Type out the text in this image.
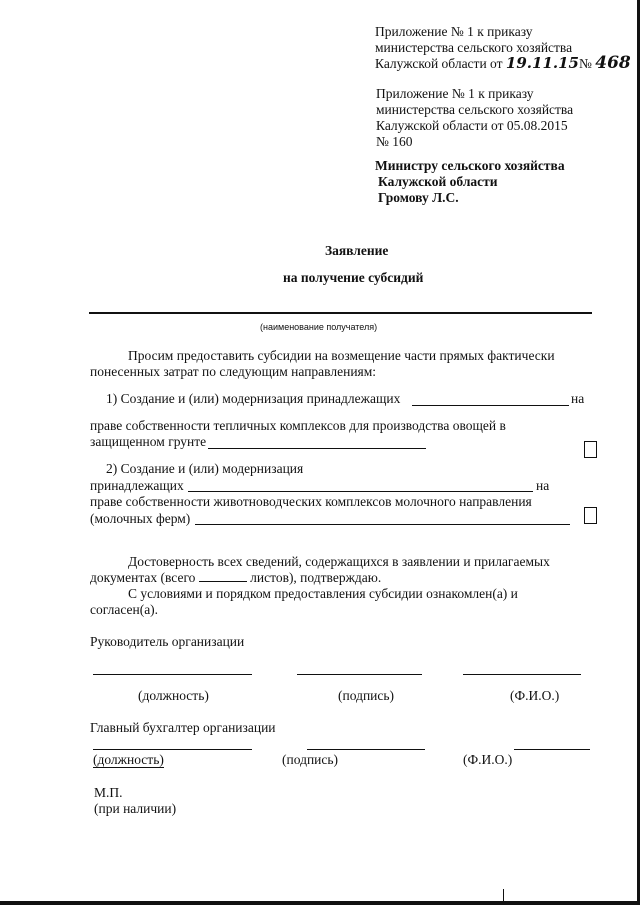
Приложение № 1 к приказу
министерства сельского хозяйства
Калужской области от 19.11.15№ 468
Приложение № 1 к приказу
министерства сельского хозяйства
Калужской области от 05.08.2015
№ 160
Министру сельского хозяйства
Калужской области
Громову Л.С.
Заявление
на получение субсидий
(наименование получателя)
Просим предоставить субсидии на возмещение части прямых фактически
понесенных затрат по следующим направлениям:
1) Создание и (или) модернизация принадлежащих	на
праве собственности тепличных комплексов для производства овощей в
защищенном грунте
2) Создание и (или) модернизация
принадлежащих	на
праве собственности животноводческих комплексов молочного направления
(молочных ферм)
Достоверность всех сведений, содержащихся в заявлении и прилагаемых
документах (всего	листов), подтверждаю.
С условиями и порядком предоставления субсидии ознакомлен(а) и
согласен(а).
Руководитель организации
(должность)	(подпись)	(Ф.И.О.)
Главный бухгалтер организации
(должность)	(подпись)	(Ф.И.О.)
М.П.
(при наличии)
